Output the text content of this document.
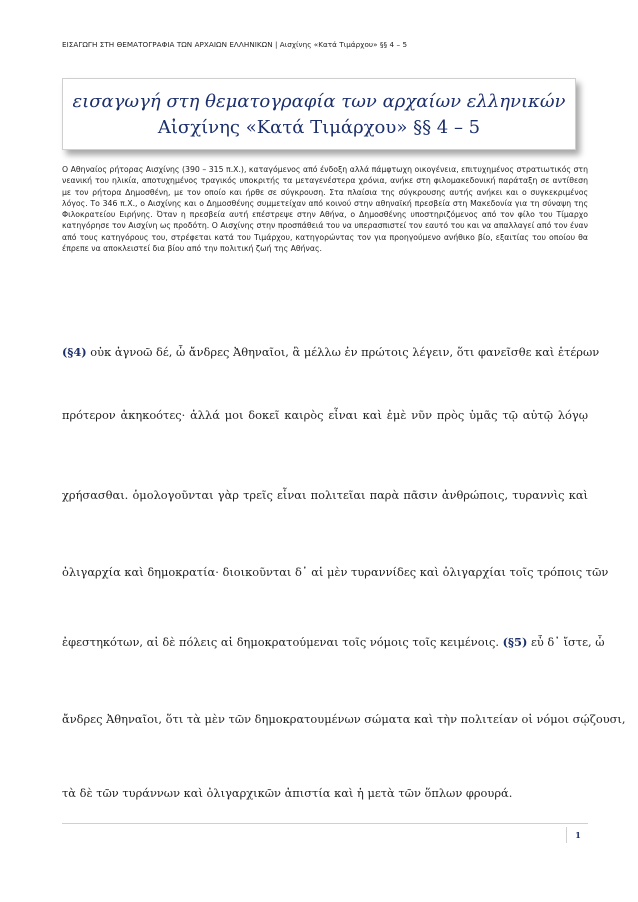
ΕΙΣΑΓΩΓΗ ΣΤΗ ΘΕΜΑΤΟΓΡΑΦΙΑ ΤΩΝ ΑΡΧΑΙΩΝ ΕΛΛΗΝΙΚΩΝ | Αισχίνης «Κατά Τιμάρχου» §§ 4 – 5
εισαγωγή στη θεματογραφία των αρχαίων ελληνικών
Αἰσχίνης «Κατά Τιμάρχου» §§ 4 – 5
Ο Αθηναίος ρήτορας Αισχίνης (390 – 315 π.Χ.), καταγόμενος από ένδοξη αλλά πάμφτωχη οικογένεια, επιτυχημένος στρατιωτικός στη νεανική του ηλικία, αποτυχημένος τραγικός υποκριτής τα μεταγενέστερα χρόνια, ανήκε στη φιλομακεδονική παράταξη σε αντίθεση με τον ρήτορα Δημοσθένη, με τον οποίο και ήρθε σε σύγκρουση. Στα πλαίσια της σύγκρουσης αυτής ανήκει και ο συγκεκριμένος λόγος. Το 346 π.Χ., ο Αισχίνης και ο Δημοσθένης συμμετείχαν από κοινού στην αθηναϊκή πρεσβεία στη Μακεδονία για τη σύναψη της Φιλοκρατείου Ειρήνης. Όταν η πρεσβεία αυτή επέστρεψε στην Αθήνα, ο Δημοσθένης υποστηριζόμενος από τον φίλο του Τίμαρχο κατηγόρησε τον Αισχίνη ως προδότη. Ο Αισχίνης στην προσπάθειά του να υπερασπιστεί τον εαυτό του και να απαλλαγεί από τον έναν από τους κατηγόρους του, στρέφεται κατά του Τιμάρχου, κατηγορώντας τον για προηγούμενο ανήθικο βίο, εξαιτίας του οποίου θα έπρεπε να αποκλειστεί δια βίου από την πολιτική ζωή της Αθήνας.
(§4) οὐκ ἀγνοῶ δέ, ὦ ἄνδρες Ἀθηναῖοι, ἃ μέλλω ἐν πρώτοις λέγειν, ὅτι φανεῖσθε καὶ ἑτέρων
πρότερον ἀκηκοότες· ἀλλά μοι δοκεῖ καιρὸς εἶναι καὶ ἐμὲ νῦν πρὸς ὑμᾶς τῷ αὐτῷ λόγῳ
χρήσασθαι. ὁμολογοῦνται γὰρ τρεῖς εἶναι πολιτεῖαι παρὰ πᾶσιν ἀνθρώποις, τυραννὶς καὶ
ὀλιγαρχία καὶ δημοκρατία· διοικοῦνται δ᾽ αἱ μὲν τυραννίδες καὶ ὀλιγαρχίαι τοῖς τρόποις τῶν
ἐφεστηκότων, αἱ δὲ πόλεις αἱ δημοκρατούμεναι τοῖς νόμοις τοῖς κειμένοις. (§5) εὖ δ᾽ ἴστε, ὦ
ἄνδρες Ἀθηναῖοι, ὅτι τὰ μὲν τῶν δημοκρατουμένων σώματα καὶ τὴν πολιτείαν οἱ νόμοι σῴζουσι,
τὰ δὲ τῶν τυράννων καὶ ὀλιγαρχικῶν ἀπιστία καὶ ἡ μετὰ τῶν ὅπλων φρουρά.
1
